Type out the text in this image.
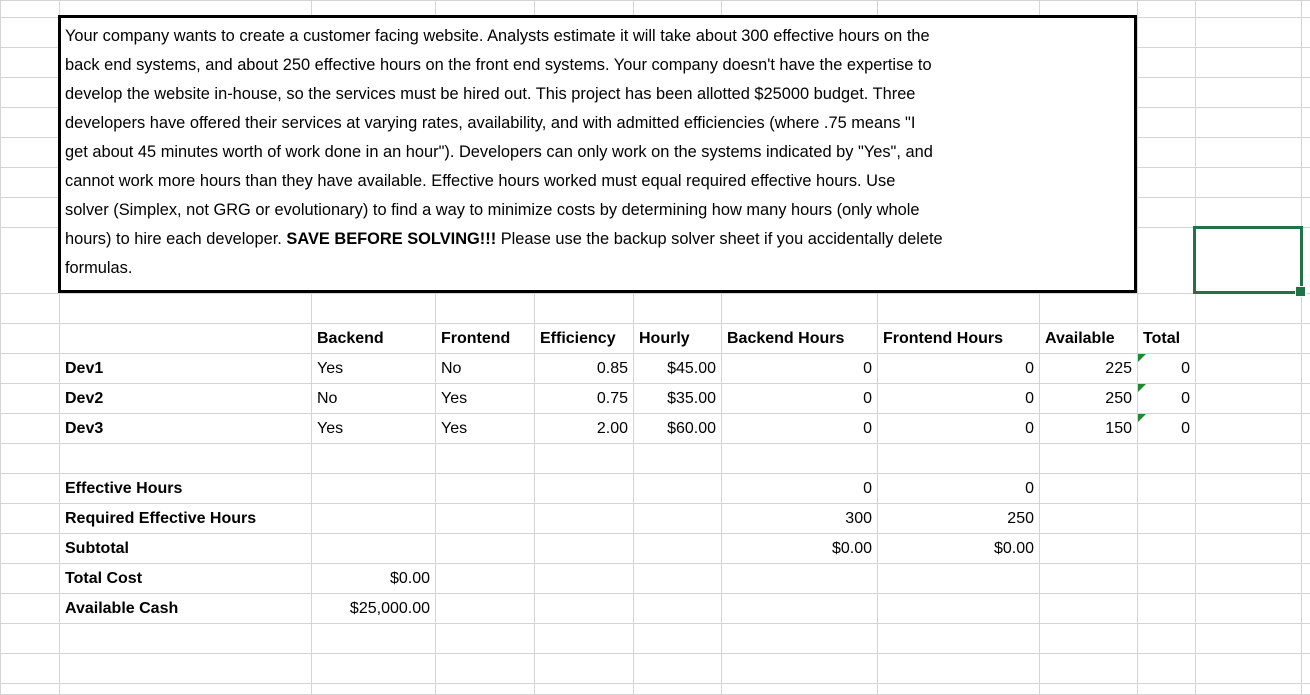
		Backend	Frontend	Efficiency	Hourly	Backend Hours	Frontend Hours	Available	Total		
	Dev1	Yes	No	0.85	$45.00	0	0	225	0		
	Dev2	No	Yes	0.75	$35.00	0	0	250	0		
	Dev3	Yes	Yes	2.00	$60.00	0	0	150	0		

	Effective Hours					0	0				
	Required Effective Hours					300	250				
	Subtotal					$0.00	$0.00				
	Total Cost	$0.00									
	Available Cash	$25,000.00									

Your company wants to create a customer facing website. Analysts estimate it will take about 300 effective hours on the
back end systems, and about 250 effective hours on the front end systems. Your company doesn't have the expertise to
develop the website in-house, so the services must be hired out. This project has been allotted $25000 budget. Three
developers have offered their services at varying rates, availability, and with admitted efficiencies (where .75 means "I
get about 45 minutes worth of work done in an hour"). Developers can only work on the systems indicated by "Yes", and
cannot work more hours than they have available. Effective hours worked must equal required effective hours. Use
solver (Simplex, not GRG or evolutionary) to find a way to minimize costs by determining how many hours (only whole
hours) to hire each developer. SAVE BEFORE SOLVING!!! Please use the backup solver sheet if you accidentally delete
formulas.
